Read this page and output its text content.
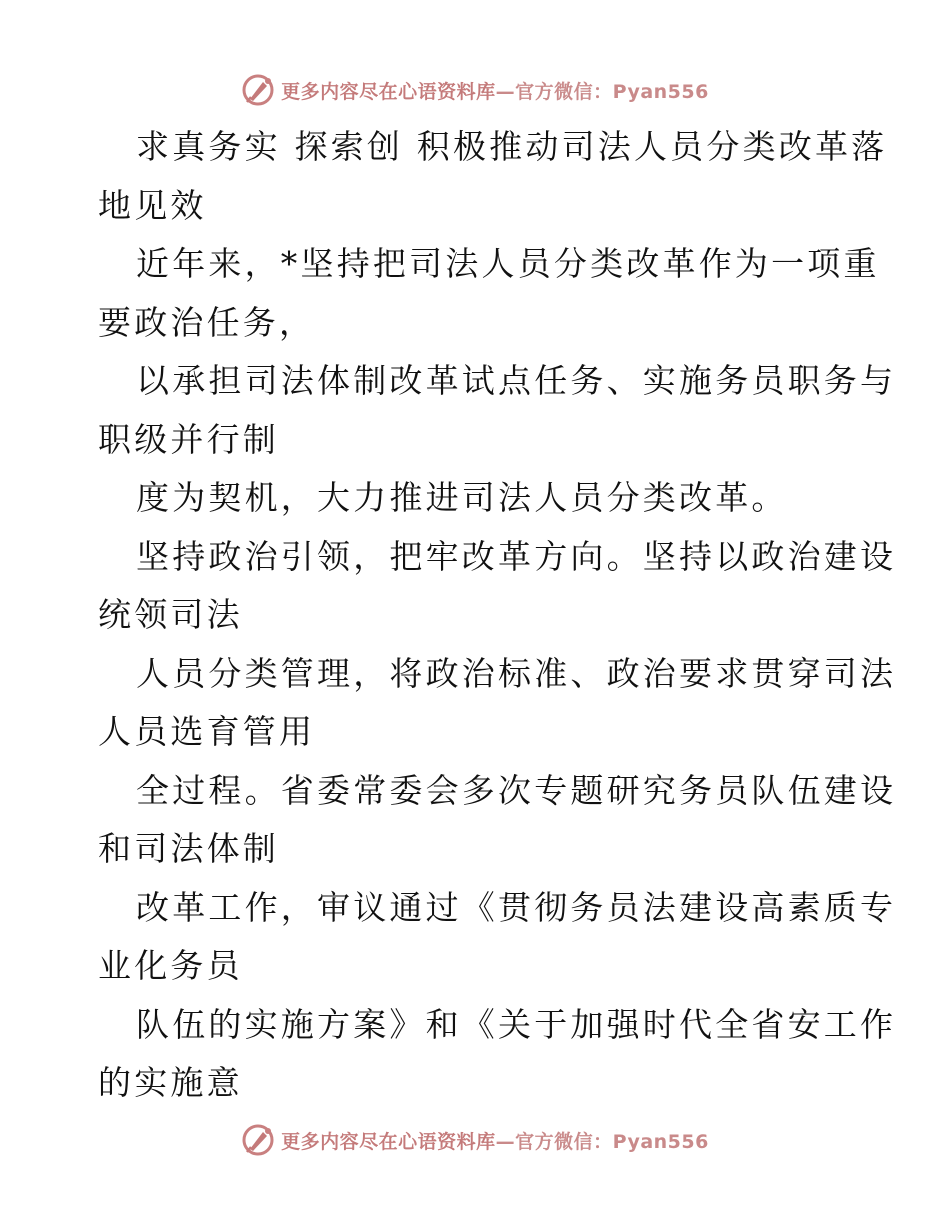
更多内容尽在心语资料库—官方微信：Pyan556
求真务实 探索创 积极推动司法人员分类改革落
地见效
近年来，*坚持把司法人员分类改革作为一项重
要政治任务，
以承担司法体制改革试点任务、实施务员职务与
职级并行制
度为契机，大力推进司法人员分类改革。
坚持政治引领，把牢改革方向。坚持以政治建设
统领司法
人员分类管理，将政治标准、政治要求贯穿司法
人员选育管用
全过程。省委常委会多次专题研究务员队伍建设
和司法体制
改革工作，审议通过《贯彻务员法建设高素质专
业化务员
队伍的实施方案》和《关于加强时代全省安工作
的实施意
更多内容尽在心语资料库—官方微信：Pyan556
